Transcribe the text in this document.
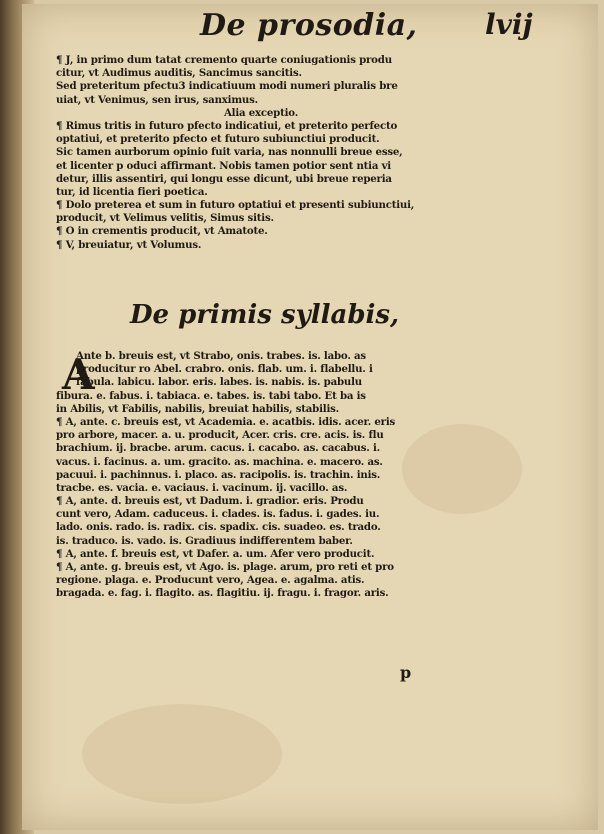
De prosodia,	lvij
¶ J, in primo dum tatat cremento quarte coniugationis produ
citur, vt Audimus auditis, Sancimus sancitis.
Sed preteritum pfectu3 indicatiuum modi numeri pluralis bre
uiat, vt Venimus, sen irus, sanximus.
Alia exceptio.
¶ Rimus tritis in futuro pfecto indicatiui, et preterito perfecto
optatiui, et preterito pfecto et futuro subiunctiui producit.
Sic tamen aurborum opinio fuit varia, nas nonnulli breue esse,
et licenter p oduci affirmant. Nobis tamen potior sent ntia vi
detur, illis assentiri, qui longu esse dicunt, ubi breue reperia
tur, id licentia fieri poetica.
¶ Dolo preterea et sum in futuro optatiui et presenti subiunctiui,
producit, vt Velimus velitis, Simus sitis.
¶ O in crementis producit, vt Amatote.
¶ V, breuiatur, vt Volumus.
De primis syllabis,
A
Ante b. breuis est, vt Strabo, onis. trabes. is. labo. as
producitur ro Abel. crabro. onis. flab. um. i. flabellu. i
fabula. labicu. labor. eris. labes. is. nabis. is. pabulu
fibura. e. fabus. i. tabiaca. e. tabes. is. tabi tabo. Et ba is
in Abilis, vt Fabilis, nabilis, breuiat habilis, stabilis.
¶ A, ante. c. breuis est, vt Academia. e. acatbis. idis. acer. eris
pro arbore, macer. a. u. producit, Acer. cris. cre. acis. is. flu
brachium. ij. bracbe. arum. cacus. i. cacabo. as. cacabus. i.
vacus. i. facinus. a. um. gracito. as. machina. e. macero. as.
pacuui. i. pachinnus. i. placo. as. racipolis. is. trachin. inis.
tracbe. es. vacia. e. vaciaus. i. vacinum. ij. vacillo. as.
¶ A, ante. d. breuis est, vt Dadum. i. gradior. eris. Produ
cunt vero, Adam. caduceus. i. clades. is. fadus. i. gades. iu.
lado. onis. rado. is. radix. cis. spadix. cis. suadeo. es. trado.
is. traduco. is. vado. is. Gradiuus indifferentem baber.
¶ A, ante. f. breuis est, vt Dafer. a. um. Afer vero producit.
¶ A, ante. g. breuis est, vt Ago. is. plage. arum, pro reti et pro
regione. plaga. e. Producunt vero, Agea. e. agalma. atis.
bragada. e. fag. i. flagito. as. flagitiu. ij. fragu. i. fragor. aris.
p
